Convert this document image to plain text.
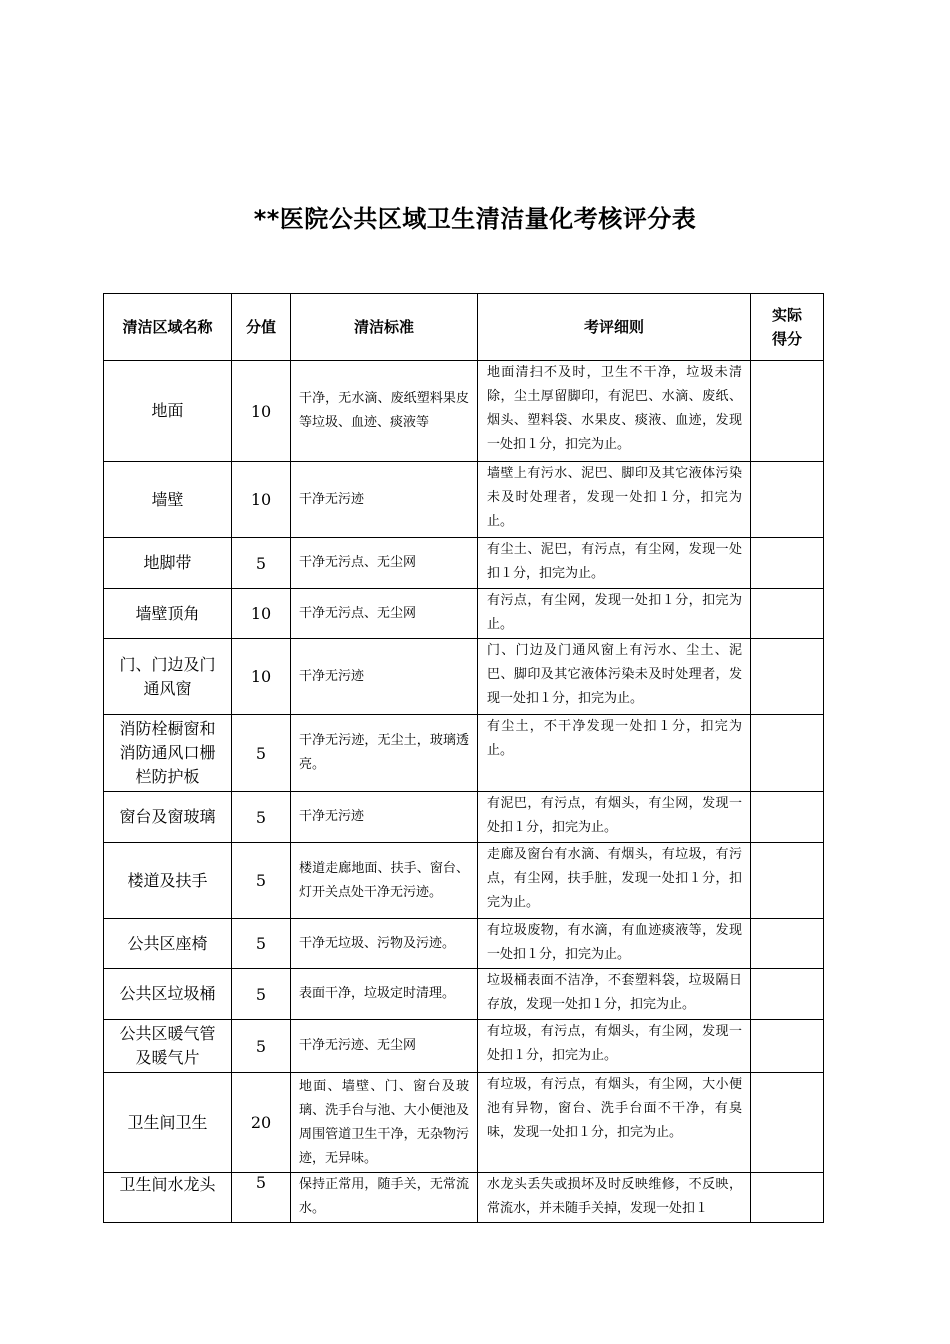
**医院公共区域卫生清洁量化考核评分表
清洁区域名称	分值	清洁标准	考评细则	实际得分
地面	10	干净，无水滴、废纸塑料果皮等垃圾、血迹、痰液等	地面清扫不及时，卫生不干净，垃圾未清除，尘土厚留脚印，有泥巴、水滴、废纸、烟头、塑料袋、水果皮、痰液、血迹，发现一处扣１分，扣完为止。	
墙壁	10	干净无污迹	墙壁上有污水、泥巴、脚印及其它液体污染未及时处理者，发现一处扣１分，扣完为止。	
地脚带	5	干净无污点、无尘网	有尘土、泥巴，有污点，有尘网，发现一处扣１分，扣完为止。	
墙壁顶角	10	干净无污点、无尘网	有污点，有尘网，发现一处扣１分，扣完为止。	
门、门边及门通风窗	10	干净无污迹	门、门边及门通风窗上有污水、尘土、泥巴、脚印及其它液体污染未及时处理者，发现一处扣１分，扣完为止。	
消防栓橱窗和消防通风口栅栏防护板	5	干净无污迹，无尘土，玻璃透亮。	有尘土，不干净发现一处扣１分，扣完为止。	
窗台及窗玻璃	5	干净无污迹	有泥巴，有污点，有烟头，有尘网，发现一处扣１分，扣完为止。	
楼道及扶手	5	楼道走廊地面、扶手、窗台、灯开关点处干净无污迹。	走廊及窗台有水滴、有烟头，有垃圾，有污点，有尘网，扶手脏，发现一处扣１分，扣完为止。	
公共区座椅	5	干净无垃圾、污物及污迹。	有垃圾废物，有水滴，有血迹痰液等，发现一处扣１分，扣完为止。	
公共区垃圾桶	5	表面干净，垃圾定时清理。	垃圾桶表面不洁净，不套塑料袋，垃圾隔日存放，发现一处扣１分，扣完为止。	
公共区暖气管及暖气片	5	干净无污迹、无尘网	有垃圾，有污点，有烟头，有尘网，发现一处扣１分，扣完为止。	
卫生间卫生	20	地面、墙壁、门、窗台及玻璃、洗手台与池、大小便池及周围管道卫生干净，无杂物污迹，无异味。	有垃圾，有污点，有烟头，有尘网，大小便池有异物，窗台、洗手台面不干净，有臭味，发现一处扣１分，扣完为止。	
卫生间水龙头	5	保持正常用，随手关，无常流水。	水龙头丢失或损坏及时反映维修，不反映，常流水，并未随手关掉，发现一处扣１	
